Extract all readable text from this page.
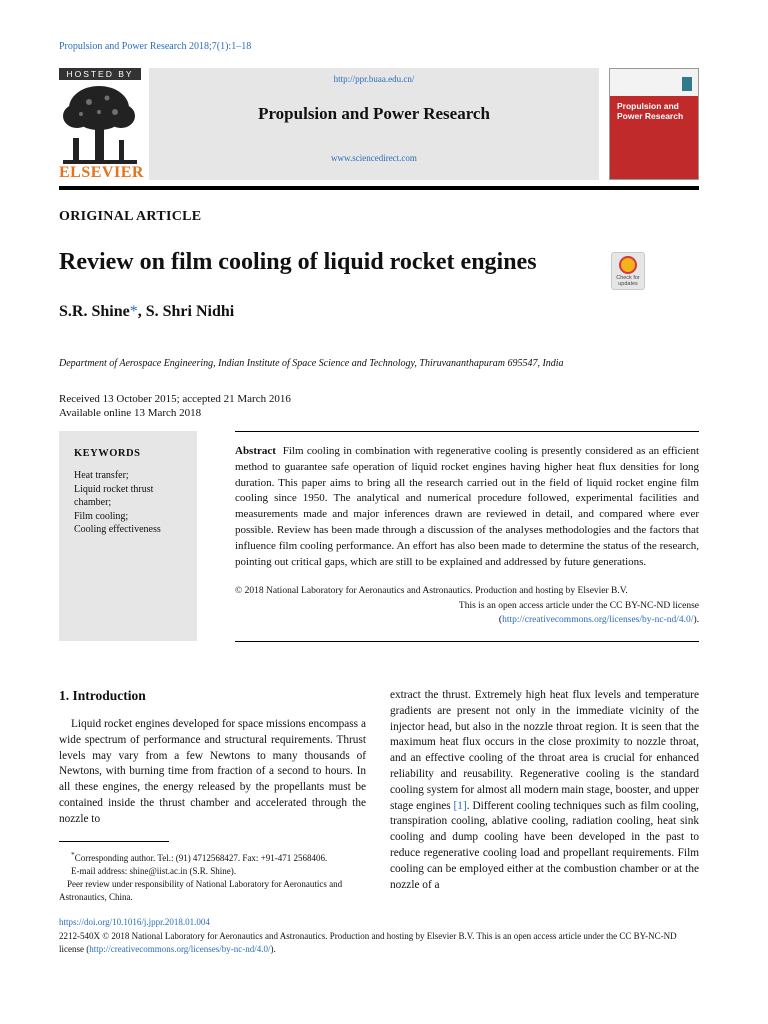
Propulsion and Power Research 2018;7(1):1–18
HOSTED BY
ELSEVIER
http://ppr.buaa.edu.cn/
Propulsion and Power Research
www.sciencedirect.com
Propulsion and Power Research
ORIGINAL ARTICLE
Review on film cooling of liquid rocket engines
Check for updates
S.R. Shine*, S. Shri Nidhi
Department of Aerospace Engineering, Indian Institute of Space Science and Technology, Thiruvananthapuram 695547, India
Received 13 October 2015; accepted 21 March 2016
Available online 13 March 2018
KEYWORDS
Heat transfer;
Liquid rocket thrust chamber;
Film cooling;
Cooling effectiveness
Abstract Film cooling in combination with regenerative cooling is presently considered as an efficient method to guarantee safe operation of liquid rocket engines having higher heat flux densities for long duration. This paper aims to bring all the research carried out in the field of liquid rocket engine film cooling since 1950. The analytical and numerical procedure followed, experimental facilities and measurements made and major inferences drawn are reviewed in detail, and compared where ever possible. Review has been made through a discussion of the analyses methodologies and the factors that influence film cooling performance. An effort has also been made to determine the status of the research, pointing out critical gaps, which are still to be explained and addressed by future generations.
© 2018 National Laboratory for Aeronautics and Astronautics. Production and hosting by Elsevier B.V.
This is an open access article under the CC BY-NC-ND license
(http://creativecommons.org/licenses/by-nc-nd/4.0/).
1. Introduction
Liquid rocket engines developed for space missions encompass a wide spectrum of performance and structural requirements. Thrust levels may vary from a few Newtons to many thousands of Newtons, with burning time from fraction of a second to hours. In all these engines, the energy released by the propellants must be contained inside the thrust chamber and accelerated through the nozzle to
extract the thrust. Extremely high heat flux levels and temperature gradients are present not only in the immediate vicinity of the injector head, but also in the nozzle throat region. It is seen that the maximum heat flux occurs in the close proximity to nozzle throat, and an effective cooling of the throat area is crucial for enhanced reliability and reusability. Regenerative cooling is the standard cooling system for almost all modern main stage, booster, and upper stage engines [1]. Different cooling techniques such as film cooling, transpiration cooling, ablative cooling, radiation cooling, heat sink cooling and dump cooling have been developed in the past to reduce regenerative cooling load and propellant requirements. Film cooling can be employed either at the combustion chamber or at the nozzle of a
*Corresponding author. Tel.: (91) 4712568427. Fax: +91-471 2568406.
E-mail address: shine@iist.ac.in (S.R. Shine).
Peer review under responsibility of National Laboratory for Aeronautics and Astronautics, China.
https://doi.org/10.1016/j.jppr.2018.01.004
2212-540X © 2018 National Laboratory for Aeronautics and Astronautics. Production and hosting by Elsevier B.V. This is an open access article under the CC BY-NC-ND license (http://creativecommons.org/licenses/by-nc-nd/4.0/).
